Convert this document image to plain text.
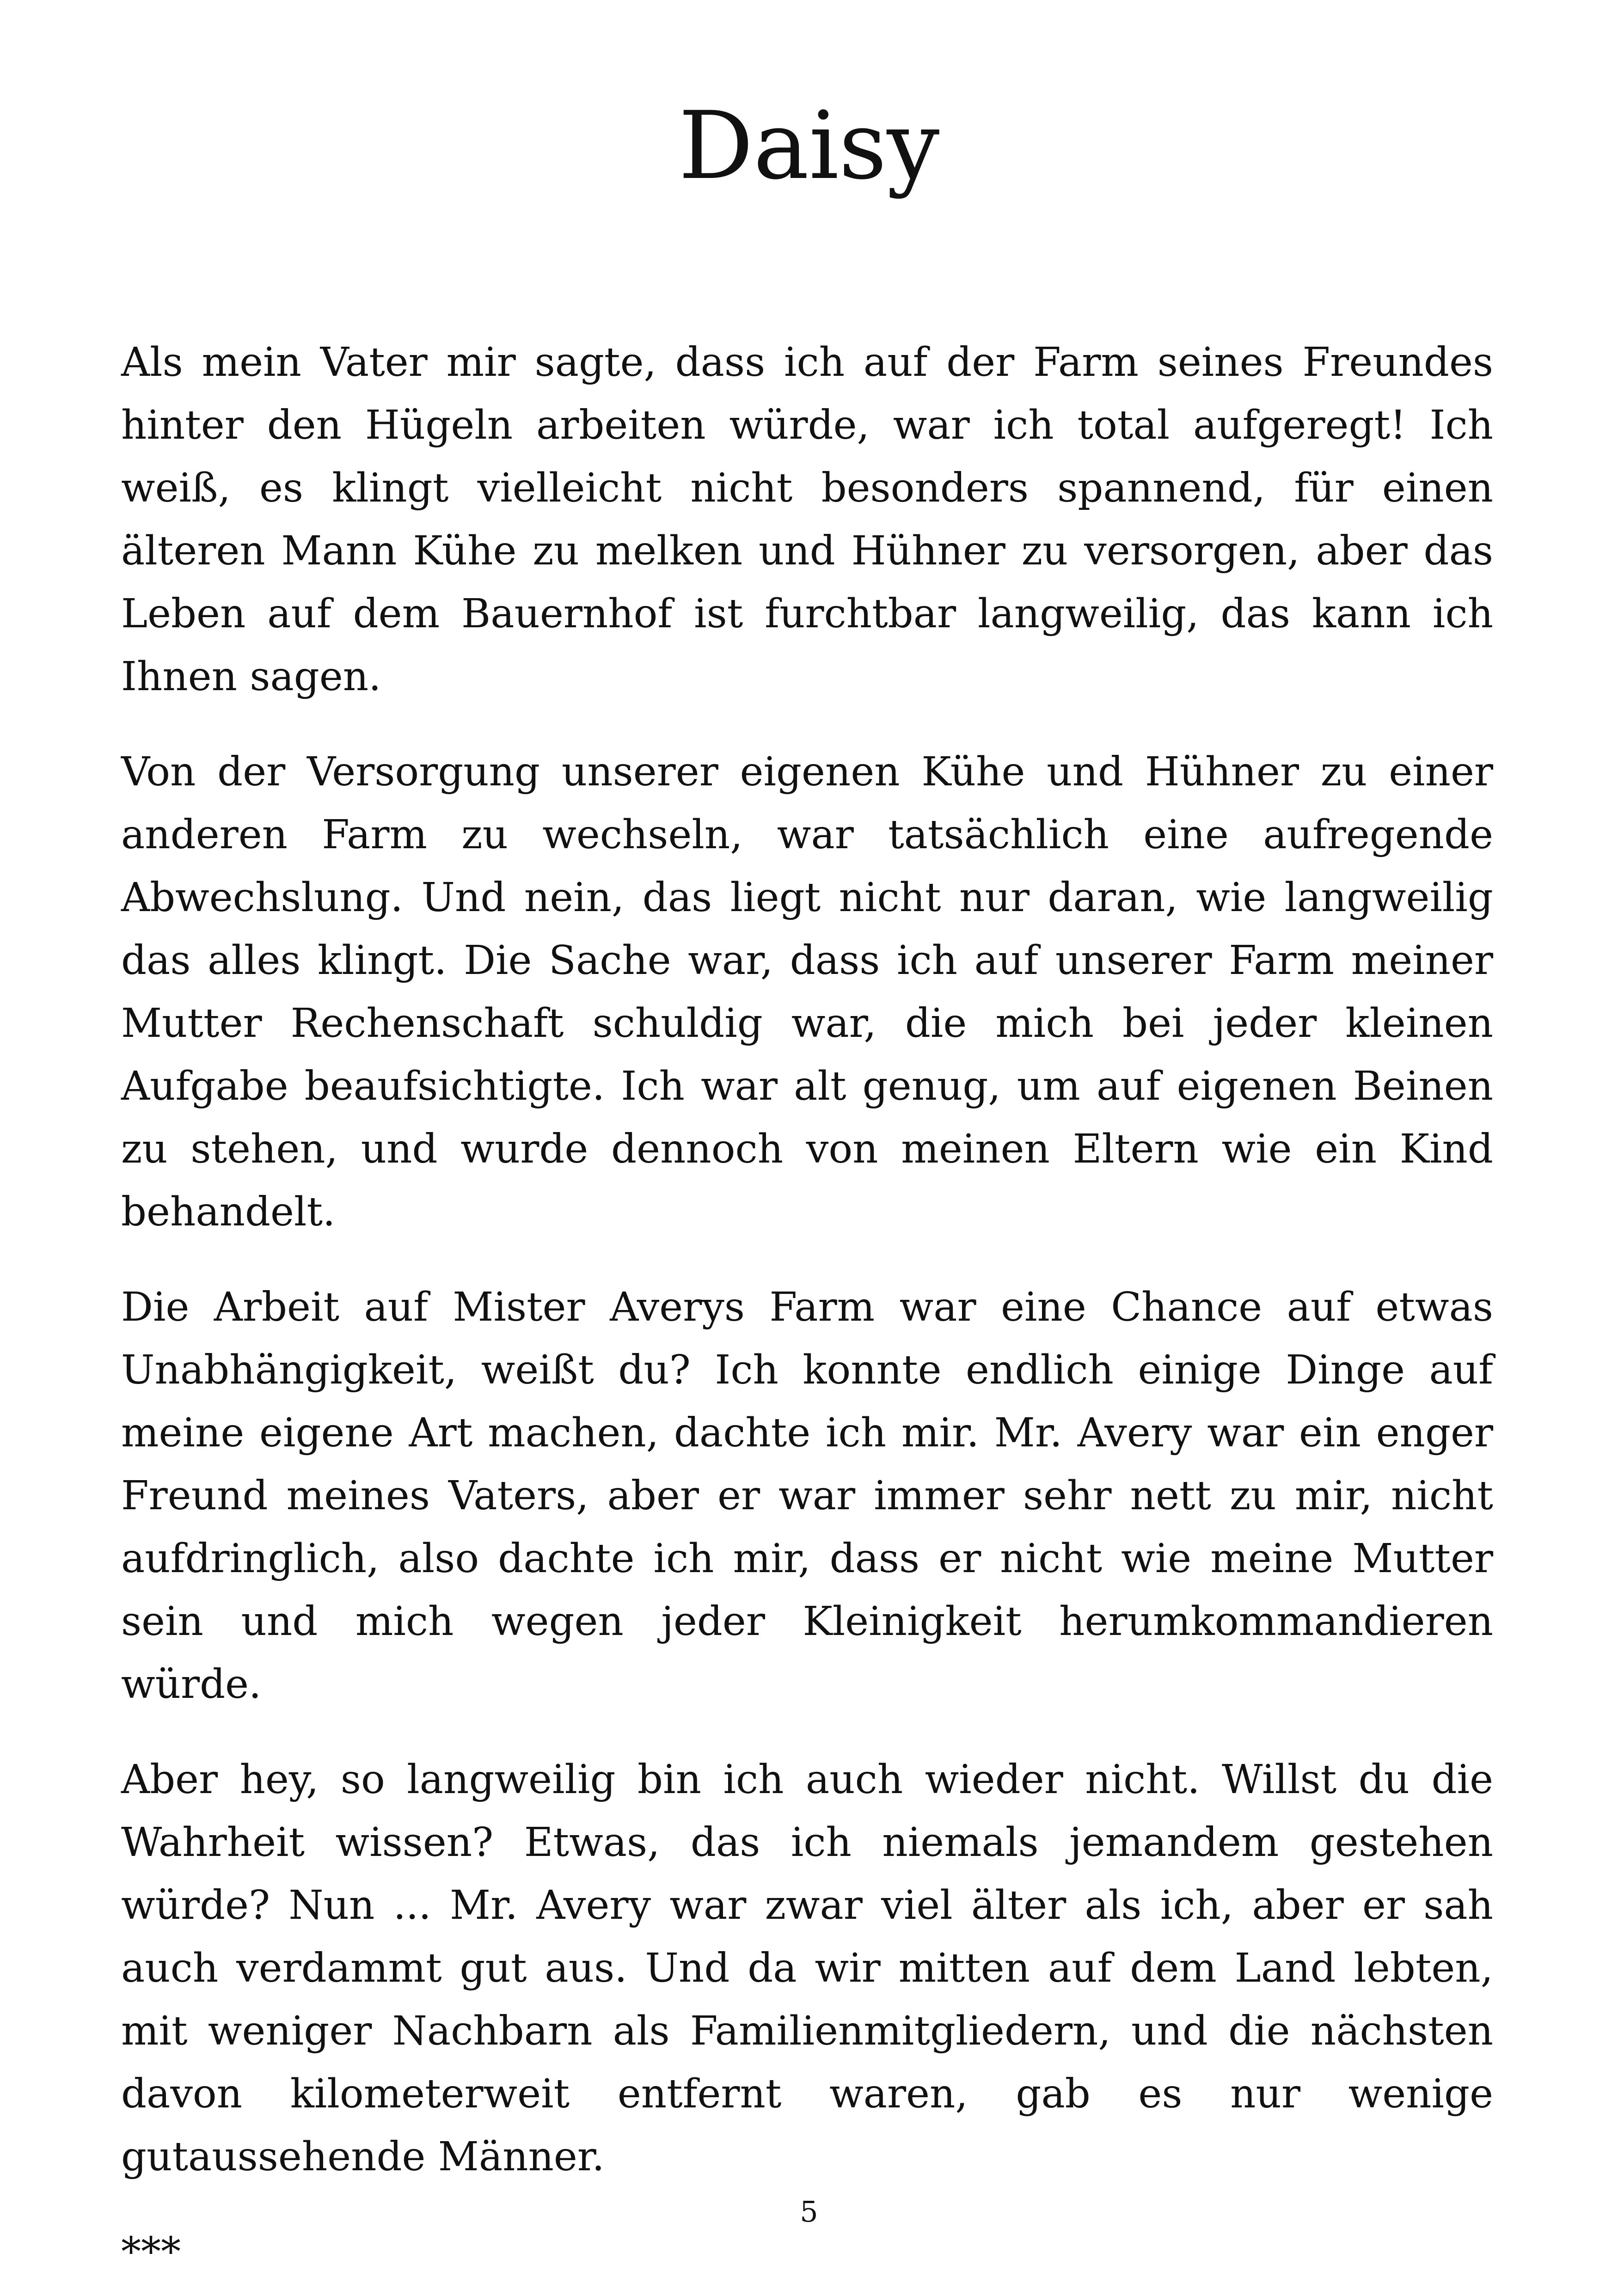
Daisy

Als mein Vater mir sagte, dass ich auf der Farm seines Freundes hinter den Hügeln arbeiten würde, war ich total aufgeregt! Ich weiß, es klingt vielleicht nicht besonders spannend, für einen älteren Mann Kühe zu melken und Hühner zu versorgen, aber das Leben auf dem Bauernhof ist furchtbar langweilig, das kann ich Ihnen sagen.

Von der Versorgung unserer eigenen Kühe und Hühner zu einer anderen Farm zu wechseln, war tatsächlich eine aufregende Abwechslung. Und nein, das liegt nicht nur daran, wie langweilig das alles klingt. Die Sache war, dass ich auf unserer Farm meiner Mutter Rechenschaft schuldig war, die mich bei jeder kleinen Aufgabe beaufsichtigte. Ich war alt genug, um auf eigenen Beinen zu stehen, und wurde dennoch von meinen Eltern wie ein Kind behandelt.

Die Arbeit auf Mister Averys Farm war eine Chance auf etwas Unabhängigkeit, weißt du? Ich konnte endlich einige Dinge auf meine eigene Art machen, dachte ich mir. Mr. Avery war ein enger Freund meines Vaters, aber er war immer sehr nett zu mir, nicht aufdringlich, also dachte ich mir, dass er nicht wie meine Mutter sein und mich wegen jeder Kleinigkeit herumkommandieren würde.

Aber hey, so langweilig bin ich auch wieder nicht. Willst du die Wahrheit wissen? Etwas, das ich niemals jemandem gestehen würde? Nun ... Mr. Avery war zwar viel älter als ich, aber er sah auch verdammt gut aus. Und da wir mitten auf dem Land lebten, mit weniger Nachbarn als Familienmitgliedern, und die nächsten davon kilometerweit entfernt waren, gab es nur wenige gutaussehende Männer.

***

5
